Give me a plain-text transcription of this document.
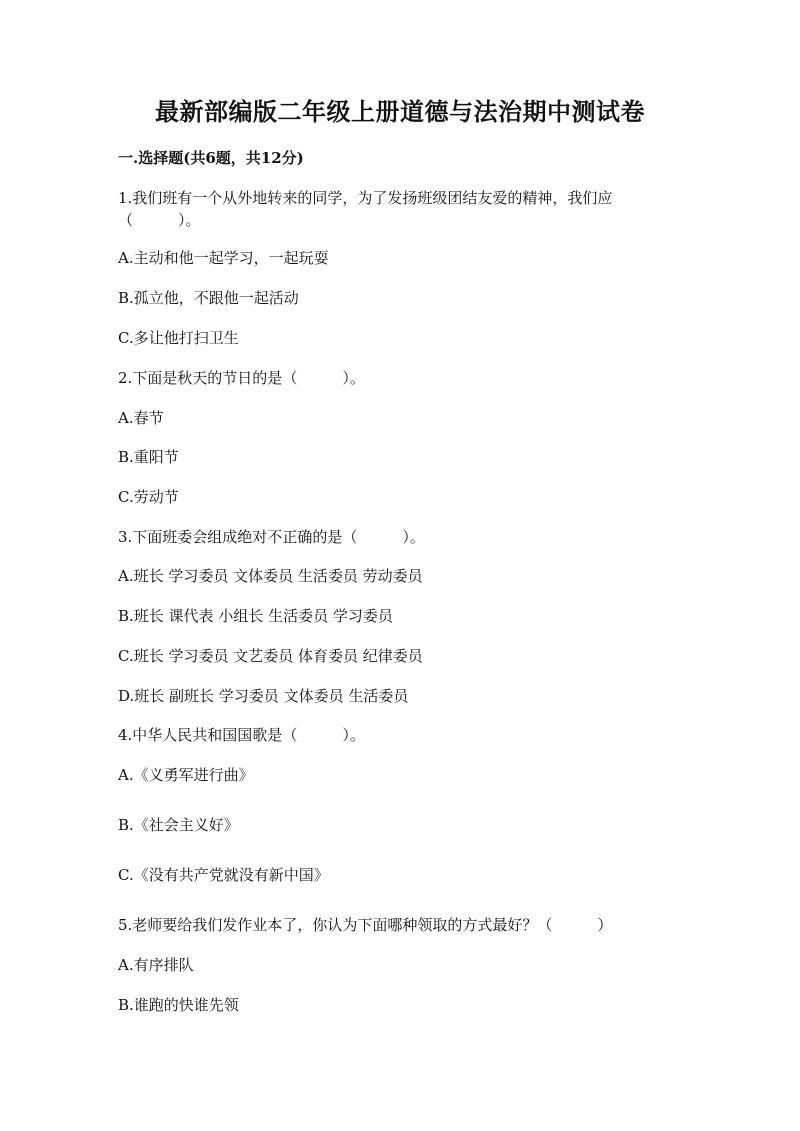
最新部编版二年级上册道德与法治期中测试卷
一.选择题(共6题，共12分)
1.我们班有一个从外地转来的同学，为了发扬班级团结友爱的精神，我们应
（　　　）。
A.主动和他一起学习，一起玩耍
B.孤立他，不跟他一起活动
C.多让他打扫卫生
2.下面是秋天的节日的是（　　　）。
A.春节
B.重阳节
C.劳动节
3.下面班委会组成绝对不正确的是（　　　）。
A.班长 学习委员 文体委员 生活委员 劳动委员
B.班长 课代表 小组长 生活委员 学习委员
C.班长 学习委员 文艺委员 体育委员 纪律委员
D.班长 副班长 学习委员 文体委员 生活委员
4.中华人民共和国国歌是（　　　）。
A.《义勇军进行曲》
B.《社会主义好》
C.《没有共产党就没有新中国》
5.老师要给我们发作业本了，你认为下面哪种领取的方式最好？（　　　）
A.有序排队
B.谁跑的快谁先领
